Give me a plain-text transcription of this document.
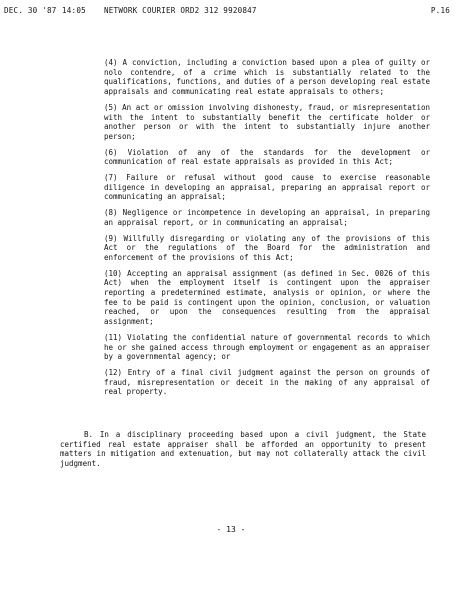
DEC. 30 '87 14:05 NETWORK COURIER ORD2 312 9920847	P.16

(4) A conviction, including a conviction based upon a plea of guilty or nolo contendre, of a crime which is substantially related to the qualifications, functions, and duties of a person developing real estate appraisals and communicating real estate appraisals to others;

(5) An act or omission involving dishonesty, fraud, or misrepresentation with the intent to substantially benefit the certificate holder or another person or with the intent to substantially injure another person;

(6) Violation of any of the standards for the development or communication of real estate appraisals as provided in this Act;

(7) Failure or refusal without good cause to exercise reasonable diligence in developing an appraisal, preparing an appraisal report or communicating an appraisal;

(8) Negligence or incompetence in developing an appraisal, in preparing an appraisal report, or in communicating an appraisal;

(9) Willfully disregarding or violating any of the provisions of this Act or the regulations of the Board for the administration and enforcement of the provisions of this Act;

(10) Accepting an appraisal assignment (as defined in Sec. 0026 of this Act) when the employment itself is contingent upon the appraiser reporting a predetermined estimate, analysis or opinion, or where the fee to be paid is contingent upon the opinion, conclusion, or valuation reached, or upon the consequences resulting from the appraisal assignment;

(11) Violating the confidential nature of governmental records to which he or she gained access through employment or engagement as an appraiser by a governmental agency; or

(12) Entry of a final civil judgment against the person on grounds of fraud, misrepresentation or deceit in the making of any appraisal of real property.

B. In a disciplinary proceeding based upon a civil judgment, the State certified real estate appraiser shall be afforded an opportunity to present matters in mitigation and extenuation, but may not collaterally attack the civil judgment.

- 13 -
